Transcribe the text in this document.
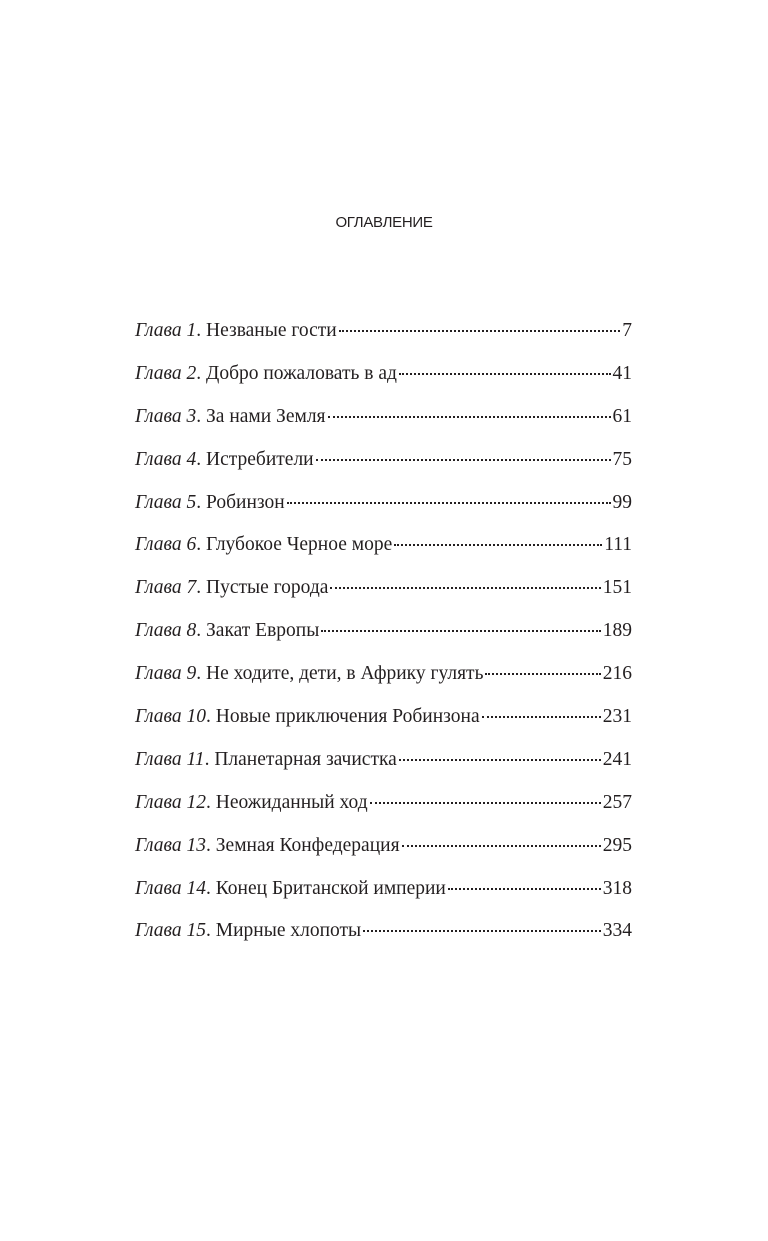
оглавление
Глава 1 . Незваные гости	7
Глава 2 . Добро пожаловать в ад	41
Глава 3 . За нами Земля	61
Глава 4 . Истребители	75
Глава 5 . Робинзон	99
Глава 6 . Глубокое Черное море	111
Глава 7 . Пустые города	151
Глава 8 . Закат Европы	189
Глава 9 . Не ходите, дети, в Африку гулять	216
Глава 10 . Новые приключения Робинзона	231
Глава 11 . Планетарная зачистка	241
Глава 12 . Неожиданный ход	257
Глава 13 . Земная Конфедерация	295
Глава 14 . Конец Британской империи	318
Глава 15 . Мирные хлопоты	334
